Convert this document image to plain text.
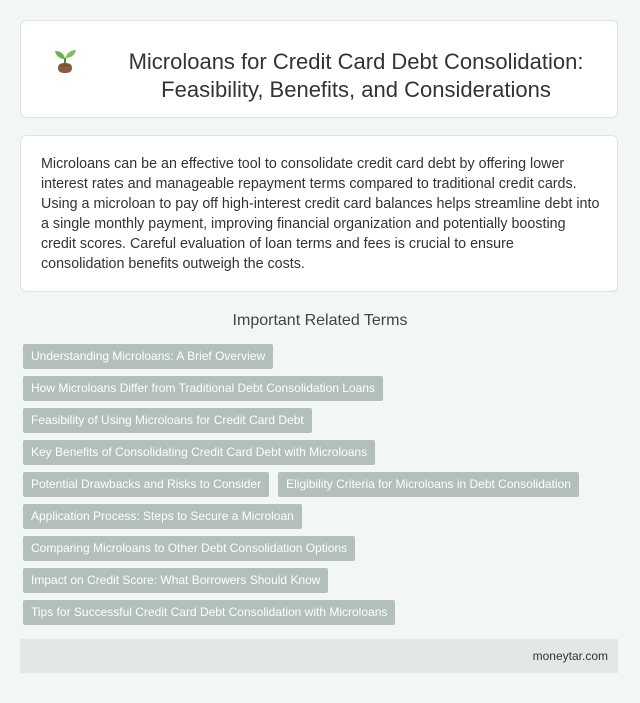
Microloans for Credit Card Debt Consolidation: Feasibility, Benefits, and Considerations

Microloans can be an effective tool to consolidate credit card debt by offering lower interest rates and manageable repayment terms compared to traditional credit cards. Using a microloan to pay off high-interest credit card balances helps streamline debt into a single monthly payment, improving financial organization and potentially boosting credit scores. Careful evaluation of loan terms and fees is crucial to ensure consolidation benefits outweigh the costs.

Important Related Terms
Understanding Microloans: A Brief Overview
How Microloans Differ from Traditional Debt Consolidation Loans
Feasibility of Using Microloans for Credit Card Debt
Key Benefits of Consolidating Credit Card Debt with Microloans
Potential Drawbacks and Risks to Consider	Eligibility Criteria for Microloans in Debt Consolidation
Application Process: Steps to Secure a Microloan
Comparing Microloans to Other Debt Consolidation Options
Impact on Credit Score: What Borrowers Should Know
Tips for Successful Credit Card Debt Consolidation with Microloans
moneytar.com
